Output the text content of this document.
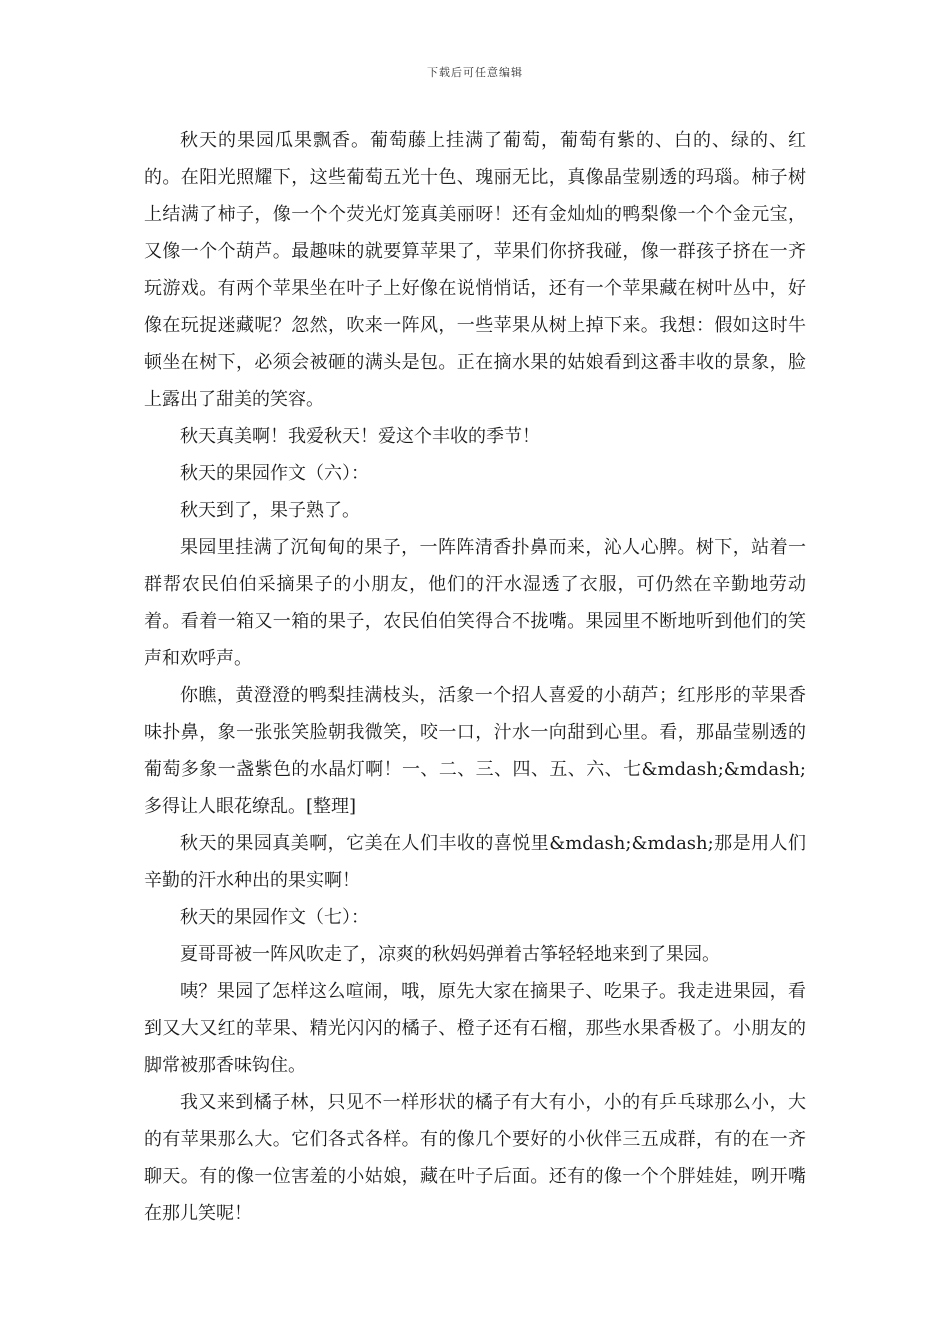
下载后可任意编辑

秋天的果园瓜果飘香。葡萄藤上挂满了葡萄，葡萄有紫的、白的、绿的、红的。在阳光照耀下，这些葡萄五光十色、瑰丽无比，真像晶莹剔透的玛瑙。柿子树上结满了柿子，像一个个荧光灯笼真美丽呀！还有金灿灿的鸭梨像一个个金元宝，又像一个个葫芦。最趣味的就要算苹果了，苹果们你挤我碰，像一群孩子挤在一齐玩游戏。有两个苹果坐在叶子上好像在说悄悄话，还有一个苹果藏在树叶丛中，好像在玩捉迷藏呢？忽然，吹来一阵风，一些苹果从树上掉下来。我想：假如这时牛顿坐在树下，必须会被砸的满头是包。正在摘水果的姑娘看到这番丰收的景象，脸上露出了甜美的笑容。

秋天真美啊！我爱秋天！爱这个丰收的季节！

秋天的果园作文（六）：

秋天到了，果子熟了。

果园里挂满了沉甸甸的果子，一阵阵清香扑鼻而来，沁人心脾。树下，站着一群帮农民伯伯采摘果子的小朋友，他们的汗水湿透了衣服，可仍然在辛勤地劳动着。看着一箱又一箱的果子，农民伯伯笑得合不拢嘴。果园里不断地听到他们的笑声和欢呼声。

你瞧，黄澄澄的鸭梨挂满枝头，活象一个招人喜爱的小葫芦；红彤彤的苹果香味扑鼻，象一张张笑脸朝我微笑，咬一口，汁水一向甜到心里。看，那晶莹剔透的葡萄多象一盏紫色的水晶灯啊！一、二、三、四、五、六、七&mdash;&mdash;多得让人眼花缭乱。[整理]

秋天的果园真美啊，它美在人们丰收的喜悦里&mdash;&mdash;那是用人们辛勤的汗水种出的果实啊！

秋天的果园作文（七）：

夏哥哥被一阵风吹走了，凉爽的秋妈妈弹着古筝轻轻地来到了果园。

咦？果园了怎样这么喧闹，哦，原先大家在摘果子、吃果子。我走进果园，看到又大又红的苹果、精光闪闪的橘子、橙子还有石榴，那些水果香极了。小朋友的脚常被那香味钩住。

我又来到橘子林，只见不一样形状的橘子有大有小，小的有乒乓球那么小，大的有苹果那么大。它们各式各样。有的像几个要好的小伙伴三五成群，有的在一齐聊天。有的像一位害羞的小姑娘，藏在叶子后面。还有的像一个个胖娃娃，咧开嘴在那儿笑呢！
